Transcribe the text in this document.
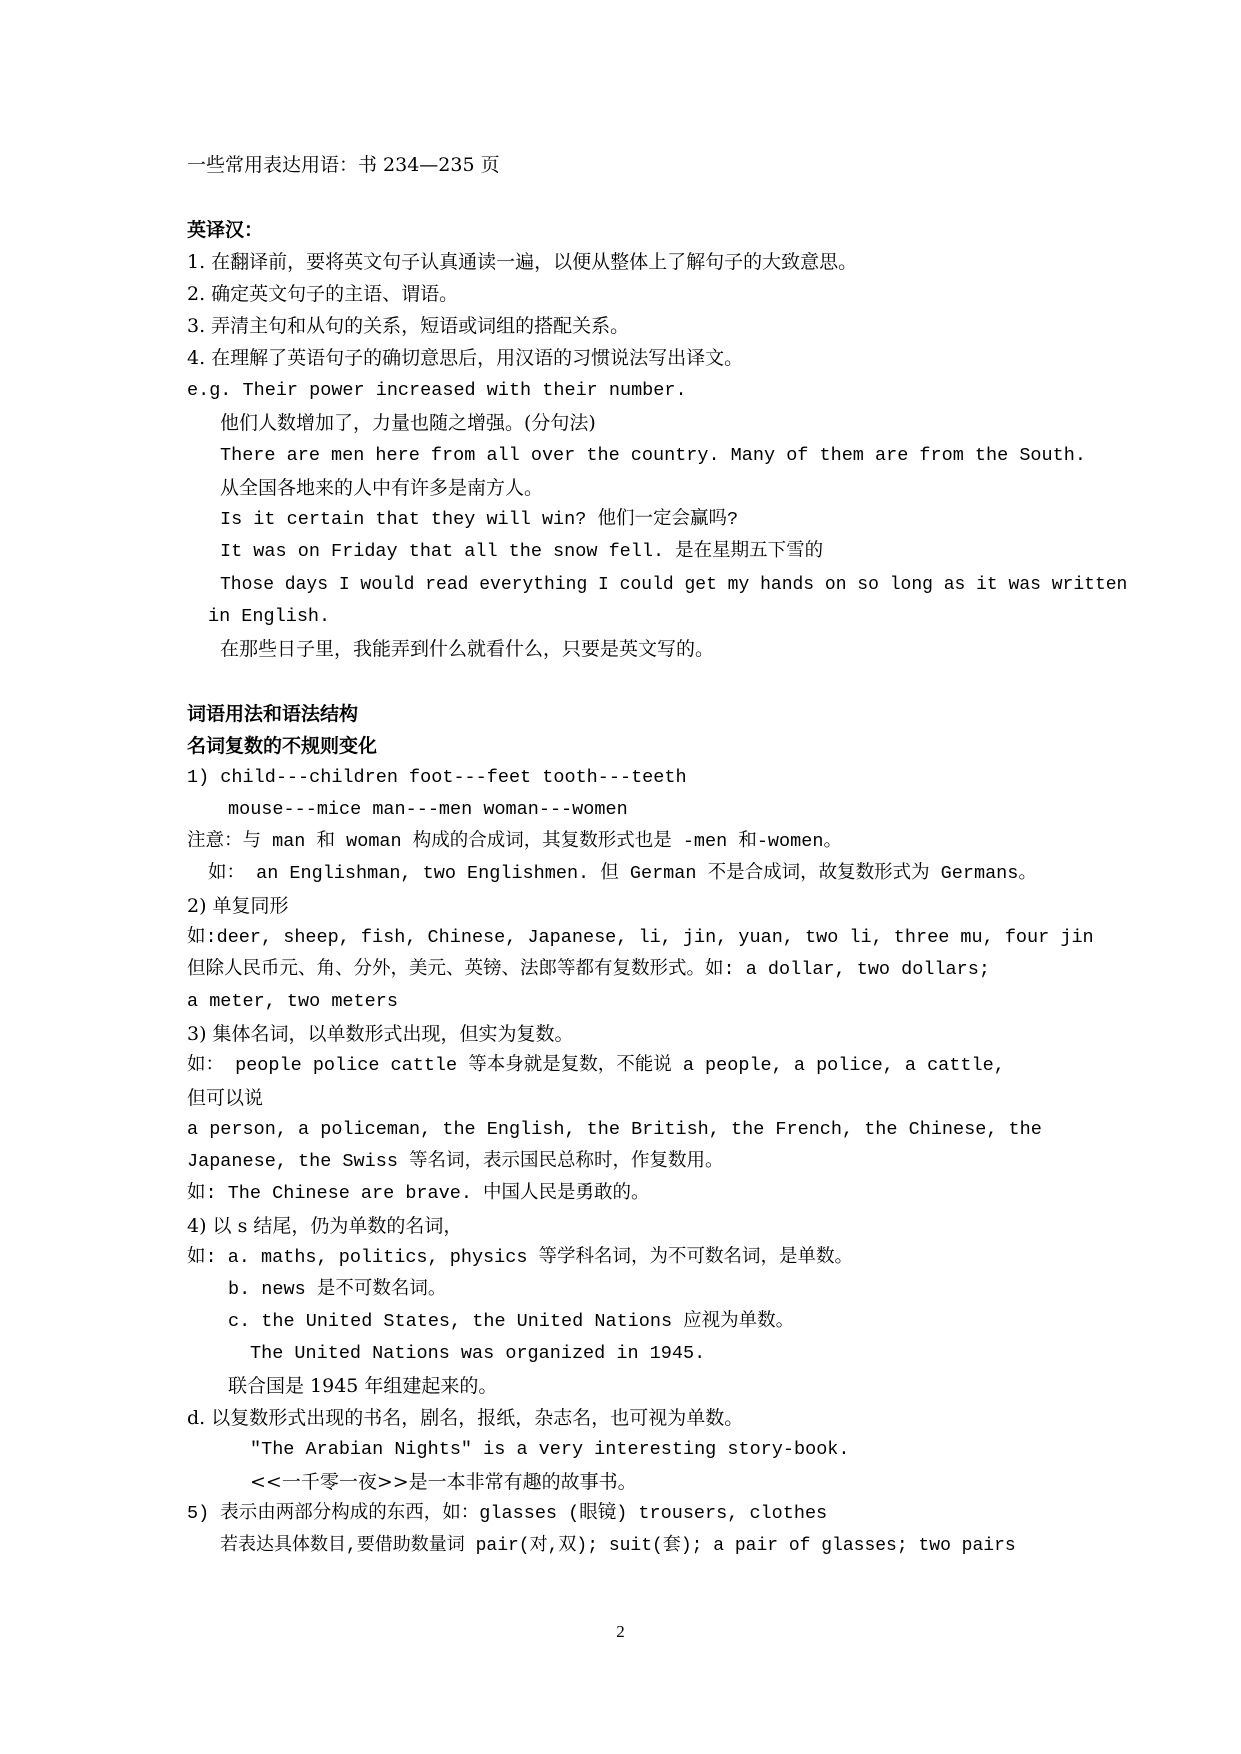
一些常用表达用语：书 234—235 页
英译汉：
1. 在翻译前，要将英文句子认真通读一遍，以便从整体上了解句子的大致意思。
2. 确定英文句子的主语、谓语。
3. 弄清主句和从句的关系，短语或词组的搭配关系。
4. 在理解了英语句子的确切意思后，用汉语的习惯说法写出译文。
e.g. Their power increased with their number.
他们人数增加了，力量也随之增强。(分句法)
There are men here from all over the country. Many of them are from the South.
从全国各地来的人中有许多是南方人。
Is it certain that they will win? 他们一定会赢吗?
It was on Friday that all the snow fell. 是在星期五下雪的
Those days I would read everything I could get my hands on so long as it was written
in English.
在那些日子里，我能弄到什么就看什么，只要是英文写的。
词语用法和语法结构
名词复数的不规则变化
1) child---children foot---feet tooth---teeth
mouse---mice man---men woman---women
注意：与 man 和 woman 构成的合成词，其复数形式也是 -men 和-women。
如： an Englishman, two Englishmen. 但 German 不是合成词，故复数形式为 Germans。
2) 单复同形
如:deer, sheep, fish, Chinese, Japanese, li, jin, yuan, two li, three mu, four jin
但除人民币元、角、分外，美元、英镑、法郎等都有复数形式。如: a dollar, two dollars;
a meter, two meters
3) 集体名词，以单数形式出现，但实为复数。
如： people police cattle 等本身就是复数，不能说 a people, a police, a cattle,
但可以说
a person, a policeman, the English, the British, the French, the Chinese, the
Japanese, the Swiss 等名词，表示国民总称时，作复数用。
如: The Chinese are brave. 中国人民是勇敢的。
4) 以 s 结尾，仍为单数的名词，
如: a. maths, politics, physics 等学科名词，为不可数名词，是单数。
b. news 是不可数名词。
c. the United States, the United Nations 应视为单数。
The United Nations was organized in 1945.
联合国是 1945 年组建起来的。
d. 以复数形式出现的书名，剧名，报纸，杂志名，也可视为单数。
"The Arabian Nights" is a very interesting story-book.
<<一千零一夜>>是一本非常有趣的故事书。
5) 表示由两部分构成的东西，如：glasses (眼镜) trousers, clothes
若表达具体数目,要借助数量词 pair(对,双); suit(套); a pair of glasses; two pairs
2
